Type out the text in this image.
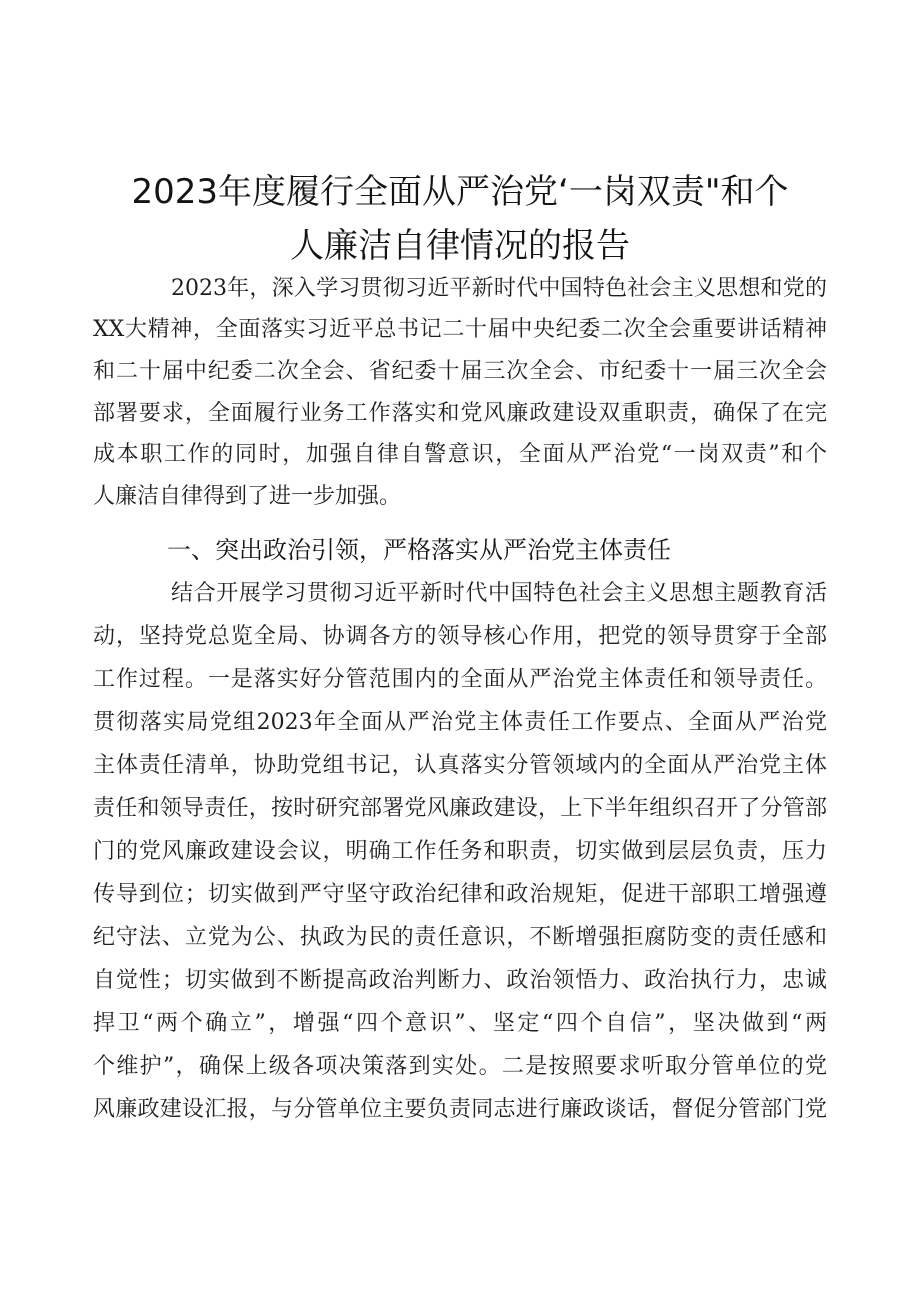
2023年度履行全面从严治党‘一岗双责"和个
人廉洁自律情况的报告
2023年，深入学习贯彻习近平新时代中国特色社会主义思想和党的
XX大精神，全面落实习近平总书记二十届中央纪委二次全会重要讲话精神
和二十届中纪委二次全会、省纪委十届三次全会、市纪委十一届三次全会
部署要求，全面履行业务工作落实和党风廉政建设双重职责，确保了在完
成本职工作的同时，加强自律自警意识，全面从严治党“一岗双责”和个
人廉洁自律得到了进一步加强。
一、突出政治引领，严格落实从严治党主体责任
结合开展学习贯彻习近平新时代中国特色社会主义思想主题教育活
动，坚持党总览全局、协调各方的领导核心作用，把党的领导贯穿于全部
工作过程。一是落实好分管范围内的全面从严治党主体责任和领导责任。
贯彻落实局党组2023年全面从严治党主体责任工作要点、全面从严治党
主体责任清单，协助党组书记，认真落实分管领域内的全面从严治党主体
责任和领导责任，按时研究部署党风廉政建设，上下半年组织召开了分管部
门的党风廉政建设会议，明确工作任务和职责，切实做到层层负责，压力
传导到位；切实做到严守坚守政治纪律和政治规矩，促进干部职工增强遵
纪守法、立党为公、执政为民的责任意识，不断增强拒腐防变的责任感和
自觉性；切实做到不断提高政治判断力、政治领悟力、政治执行力，忠诚
捍卫“两个确立”，增强“四个意识”、坚定“四个自信”，坚决做到“两
个维护”，确保上级各项决策落到实处。二是按照要求听取分管单位的党
风廉政建设汇报，与分管单位主要负责同志进行廉政谈话，督促分管部门党
